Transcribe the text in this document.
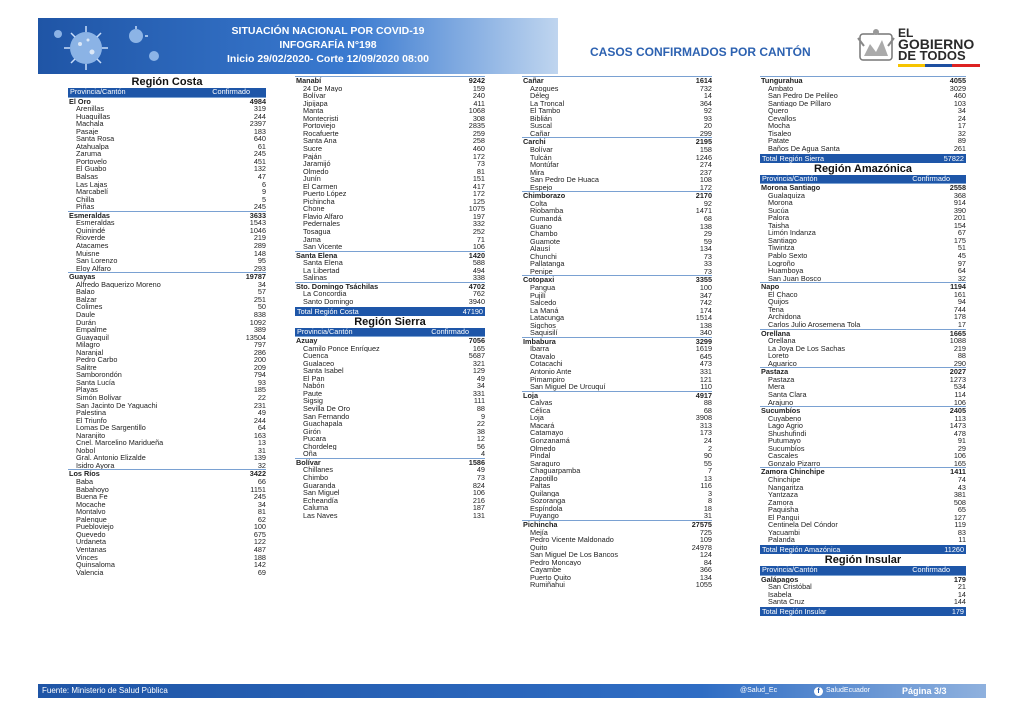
SITUACIÓN NACIONAL POR COVID-19
INFOGRAFÍA N°198
Inicio 29/02/2020- Corte 12/09/2020 08:00	CASOS CONFIRMADOS POR CANTÓN
EL
GOBIERNO
DE TODOS
Región Costa
Provincia/Cantón	Confirmado
El Oro	4984
Arenillas	319
Huaquillas	244
Machala	2397
Pasaje	183
Santa Rosa	640
Atahualpa	61
Zaruma	245
Portovelo	451
El Guabo	132
Balsas	47
Las Lajas	6
Marcabelí	9
Chilla	5
Piñas	245
Esmeraldas	3633
Esmeraldas	1543
Quinindé	1046
Rioverde	219
Atacames	289
Muisne	148
San Lorenzo	95
Eloy Alfaro	293
Guayas	19787
Alfredo Baquerizo Moreno	34
Balao	57
Balzar	251
Colimes	50
Daule	838
Durán	1092
Empalme	389
Guayaquil	13504
Milagro	797
Naranjal	286
Pedro Carbo	200
Salitre	209
Samborondón	794
Santa Lucía	93
Playas	185
Simón Bolívar	22
San Jacinto De Yaguachi	231
Palestina	49
El Triunfo	244
Lomas De Sargentillo	64
Naranjito	163
Cnel. Marcelino Maridueña	13
Nobol	31
Gral. Antonio Elizalde	139
Isidro Ayora	32
Los Ríos	3422
Baba	66
Babahoyo	1151
Buena Fe	245
Mocache	34
Montalvo	81
Palenque	62
Puebloviejo	100
Quevedo	675
Urdaneta	122
Ventanas	487
Vinces	188
Quinsaloma	142
Valencia	69
Manabí	9242
24 De Mayo	159
Bolívar	240
Jipijapa	411
Manta	1068
Montecristi	308
Portoviejo	2835
Rocafuerte	259
Santa Ana	258
Sucre	460
Paján	172
Jaramijó	73
Olmedo	81
Junín	151
El Carmen	417
Puerto López	172
Pichincha	125
Chone	1075
Flavio Alfaro	197
Pedernales	332
Tosagua	252
Jama	71
San Vicente	106
Santa Elena	1420
Santa Elena	588
La Libertad	494
Salinas	338
Sto. Domingo Tsáchilas	4702
La Concordia	762
Santo Domingo	3940
Total Región Costa	47190
Región Sierra
Provincia/Cantón	Confirmado
Azuay	7056
Camilo Ponce Enríquez	165
Cuenca	5687
Gualaceo	321
Santa Isabel	129
El Pan	49
Nabón	34
Paute	331
Sigsig	111
Sevilla De Oro	88
San Fernando	9
Guachapala	22
Girón	38
Pucara	12
Chordeleg	56
Oña	4
Bolívar	1586
Chillanes	49
Chimbo	73
Guaranda	824
San Miguel	106
Echeandía	216
Caluma	187
Las Naves	131
Cañar	1614
Azogues	732
Déleg	14
La Troncal	364
El Tambo	92
Biblián	93
Suscal	20
Cañar	299
Carchi	2195
Bolívar	158
Tulcán	1246
Montúfar	274
Mira	237
San Pedro De Huaca	108
Espejo	172
Chimborazo	2170
Colta	92
Riobamba	1471
Cumandá	68
Guano	138
Chambo	29
Guamote	59
Alausí	134
Chunchi	73
Pallatanga	33
Penipe	73
Cotopaxi	3355
Pangua	100
Pujilí	347
Salcedo	742
La Maná	174
Latacunga	1514
Sigchos	138
Saquisilí	340
Imbabura	3299
Ibarra	1619
Otavalo	645
Cotacachi	473
Antonio Ante	331
Pimampiro	121
San Miguel De Urcuquí	110
Loja	4917
Calvas	88
Célica	68
Loja	3908
Macará	313
Catamayo	173
Gonzanamá	24
Olmedo	2
Pindal	90
Saraguro	55
Chaguarpamba	7
Zapotillo	13
Paltas	116
Quilanga	3
Sozoranga	8
Espíndola	18
Puyango	31
Pichincha	27575
Mejía	725
Pedro Vicente Maldonado	109
Quito	24978
San Miguel De Los Bancos	124
Pedro Moncayo	84
Cayambe	366
Puerto Quito	134
Rumiñahui	1055
Tungurahua	4055
Ambato	3029
San Pedro De Pelileo	460
Santiago De Píllaro	103
Quero	34
Cevallos	24
Mocha	17
Tisaleo	32
Patate	89
Baños De Agua Santa	261
Total Región Sierra	57822
Región Amazónica
Provincia/Cantón	Confirmado
Morona Santiago	2558
Gualaquiza	368
Morona	914
Sucúa	390
Palora	201
Taisha	154
Limón Indanza	67
Santiago	175
Tiwintza	51
Pablo Sexto	45
Logroño	97
Huamboya	64
San Juan Bosco	32
Napo	1194
El Chaco	161
Quijos	94
Tena	744
Archidona	178
Carlos Julio Arosemena Tola	17
Orellana	1665
Orellana	1088
La Joya De Los Sachas	219
Loreto	88
Aguarico	290
Pastaza	2027
Pastaza	1273
Mera	534
Santa Clara	114
Arajuno	106
Sucumbíos	2405
Cuyabeno	113
Lago Agrio	1473
Shushufindi	478
Putumayo	91
Sucumbíos	29
Cascales	106
Gonzalo Pizarro	165
Zamora Chinchipe	1411
Chinchipe	74
Nangaritza	43
Yantzaza	381
Zamora	508
Paquisha	65
El Pangui	127
Centinela Del Cóndor	119
Yacuambi	83
Palanda	11
Total Región Amazónica	11260
Región Insular
Provincia/Cantón	Confirmado
Galápagos	179
San Cristóbal	21
Isabela	14
Santa Cruz	144
Total Región Insular	179
Fuente: Ministerio de Salud Pública	@Salud_Ec	f SaludEcuador	Página 3/3
